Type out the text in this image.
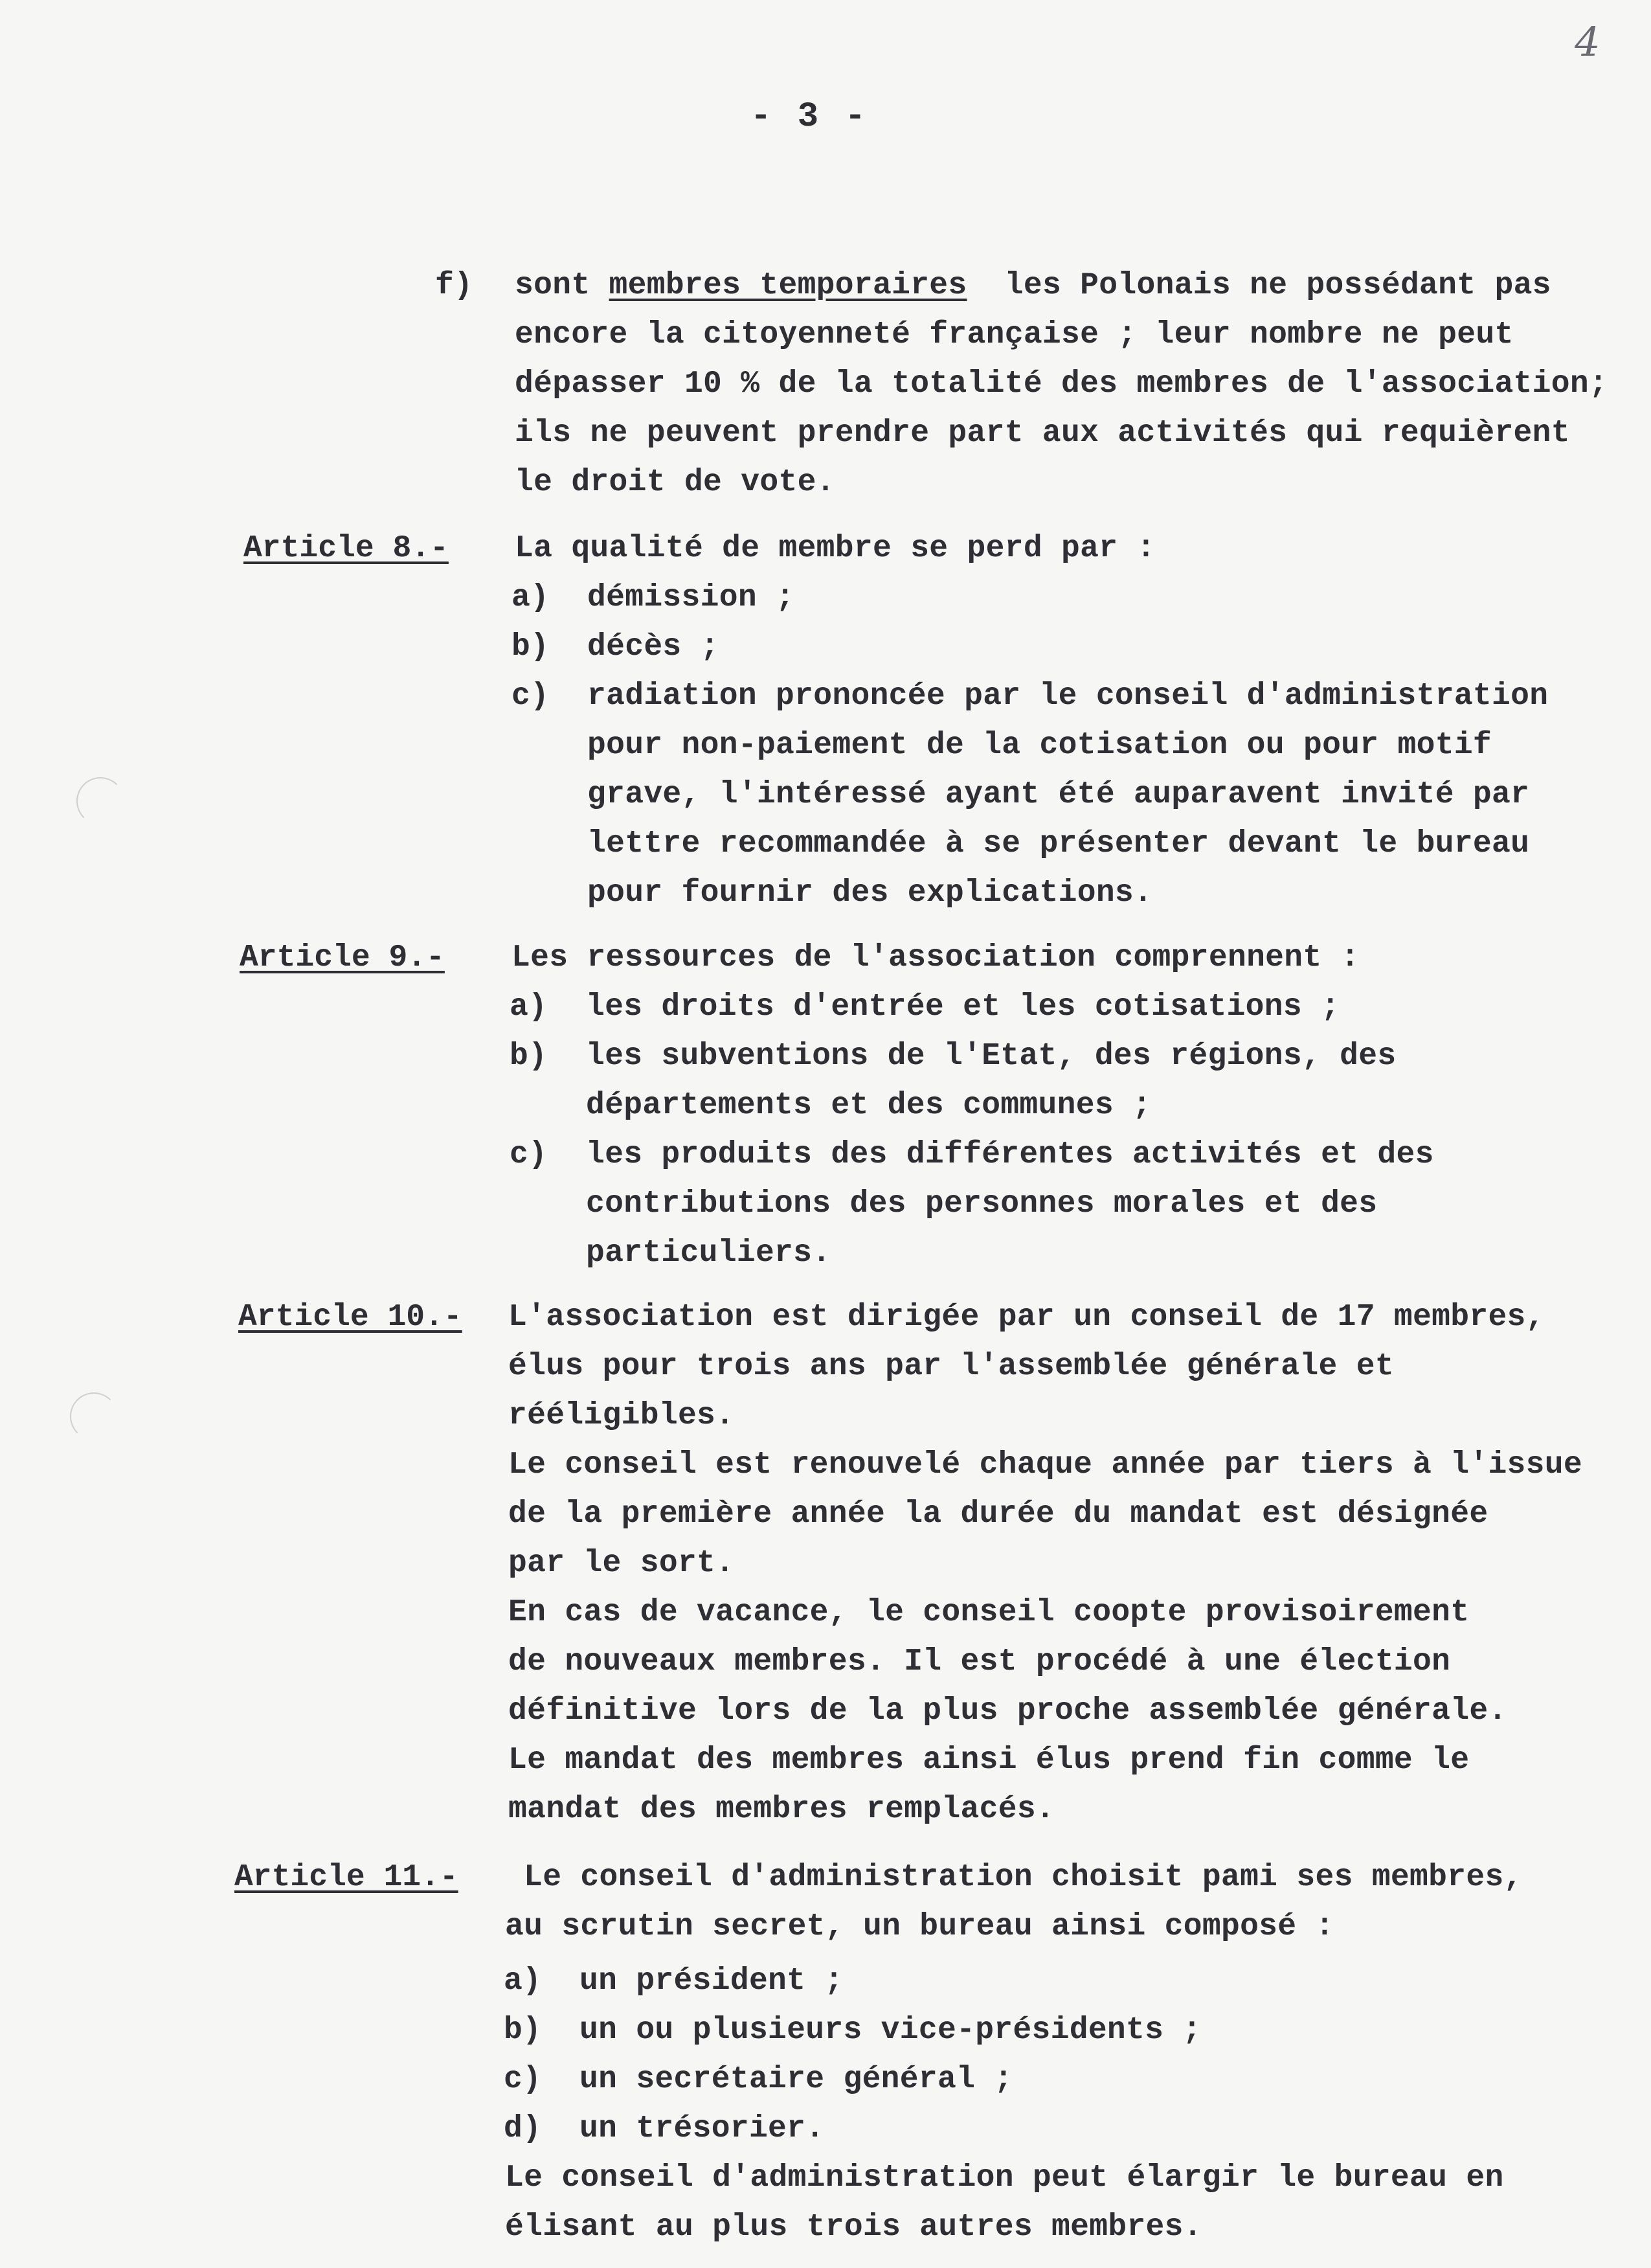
4
- 3 -
f) sont membres temporaires  les Polonais ne possédant pas
encore la citoyenneté française ; leur nombre ne peut
dépasser 10 % de la totalité des membres de l'association;
ils ne peuvent prendre part aux activités qui requièrent
le droit de vote.
Article 8.- La qualité de membre se perd par :
a) démission ;
b) décès ;
c) radiation prononcée par le conseil d'administration
pour non-paiement de la cotisation ou pour motif
grave, l'intéressé ayant été auparavent invité par
lettre recommandée à se présenter devant le bureau
pour fournir des explications.
Article 9.- Les ressources de l'association comprennent :
a) les droits d'entrée et les cotisations ;
b) les subventions de l'Etat, des régions, des
départements et des communes ;
c) les produits des différentes activités et des
contributions des personnes morales et des
particuliers.
Article 10.- L'association est dirigée par un conseil de 17 membres,
élus pour trois ans par l'assemblée générale et
rééligibles.
Le conseil est renouvelé chaque année par tiers à l'issue
de la première année la durée du mandat est désignée
par le sort.
En cas de vacance, le conseil coopte provisoirement
de nouveaux membres. Il est procédé à une élection
définitive lors de la plus proche assemblée générale.
Le mandat des membres ainsi élus prend fin comme le
mandat des membres remplacés.
Article 11.- Le conseil d'administration choisit pami ses membres,
au scrutin secret, un bureau ainsi composé :
a) un président ;
b) un ou plusieurs vice-présidents ;
c) un secrétaire général ;
d) un trésorier.
Le conseil d'administration peut élargir le bureau en
élisant au plus trois autres membres.
